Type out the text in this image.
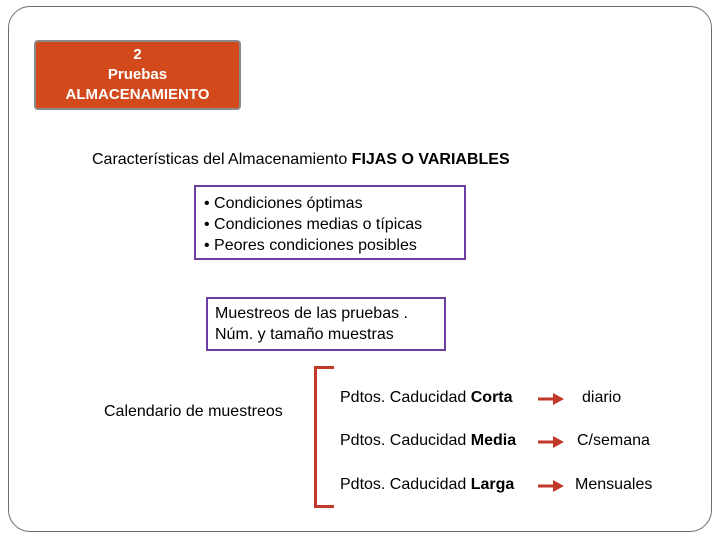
2
Pruebas
ALMACENAMIENTO
Características del Almacenamiento FIJAS O VARIABLES
• Condiciones óptimas
• Condiciones medias o típicas
• Peores condiciones posibles
Muestreos de las pruebas .
Núm. y tamaño muestras
Calendario de muestreos
Pdtos. Caducidad Corta
Pdtos. Caducidad Media
Pdtos. Caducidad Larga
diario
C/semana
Mensuales
